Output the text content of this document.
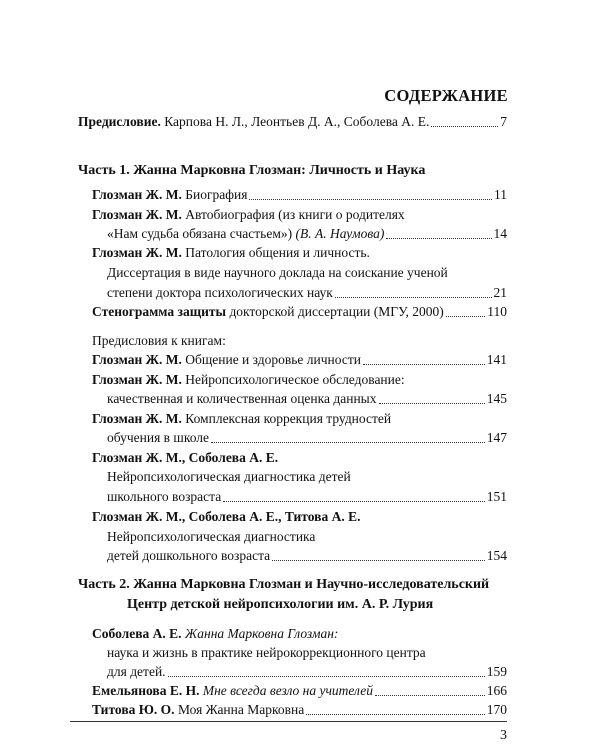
СОДЕРЖАНИЕ
Предисловие. Карпова Н. Л., Леонтьев Д. А., Соболева А. Е.	7
Часть 1. Жанна Марковна Глозман: Личность и Наука
Глозман Ж. М. Биография	11
Глозман Ж. М. Автобиография (из книги о родителях
«Нам судьба обязана счастьем») (В. А. Наумова)	14
Глозман Ж. М. Патология общения и личность.
Диссертация в виде научного доклада на соискание ученой
степени доктора психологических наук	21
Стенограмма защиты докторской диссертации (МГУ, 2000)	110
Предисловия к книгам:
Глозман Ж. М. Общение и здоровье личности	141
Глозман Ж. М. Нейропсихологическое обследование:
качественная и количественная оценка данных	145
Глозман Ж. М. Комплексная коррекция трудностей
обучения в школе	147
Глозман Ж. М., Соболева А. Е.
Нейропсихологическая диагностика детей
школьного возраста	151
Глозман Ж. М., Соболева А. Е., Титова А. Е.
Нейропсихологическая диагностика
детей дошкольного возраста	154
Часть 2. Жанна Марковна Глозман и Научно-исследовательский
Центр детской нейропсихологии им. А. Р. Лурия
Соболева А. Е. Жанна Марковна Глозман:
наука и жизнь в практике нейрокоррекционного центра
для детей.	159
Емельянова Е. Н. Мне всегда везло на учителей	166
Титова Ю. О. Моя Жанна Марковна	170
3
